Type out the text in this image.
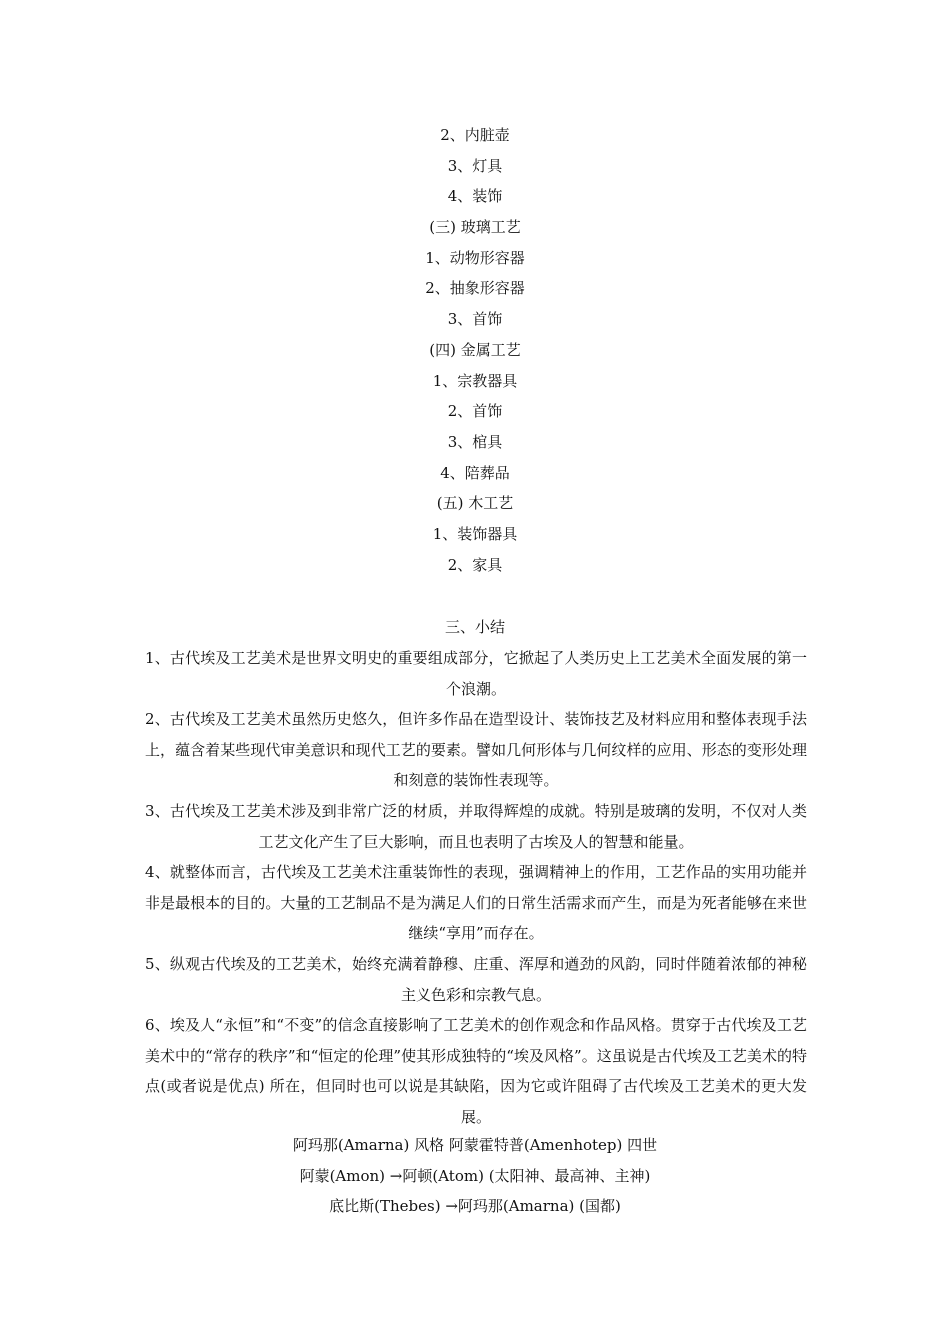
2、内脏壶
3、灯具
4、装饰
(三) 玻璃工艺
1、动物形容器
2、抽象形容器
3、首饰
(四) 金属工艺
1、宗教器具
2、首饰
3、棺具
4、陪葬品
(五) 木工艺
1、装饰器具
2、家具
三、小结

1、古代埃及工艺美术是世界文明史的重要组成部分，它掀起了人类历史上工艺美术全面发展的第一个浪潮。

2、古代埃及工艺美术虽然历史悠久，但许多作品在造型设计、装饰技艺及材料应用和整体表现手法上，蕴含着某些现代审美意识和现代工艺的要素。譬如几何形体与几何纹样的应用、形态的变形处理和刻意的装饰性表现等。

3、古代埃及工艺美术涉及到非常广泛的材质，并取得辉煌的成就。特别是玻璃的发明，不仅对人类工艺文化产生了巨大影响，而且也表明了古埃及人的智慧和能量。

4、就整体而言，古代埃及工艺美术注重装饰性的表现，强调精神上的作用，工艺作品的实用功能并非是最根本的目的。大量的工艺制品不是为满足人们的日常生活需求而产生，而是为死者能够在来世继续“享用”而存在。

5、纵观古代埃及的工艺美术，始终充满着静穆、庄重、浑厚和遒劲的风韵，同时伴随着浓郁的神秘主义色彩和宗教气息。

6、埃及人“永恒”和“不变”的信念直接影响了工艺美术的创作观念和作品风格。贯穿于古代埃及工艺美术中的“常存的秩序”和“恒定的伦理”使其形成独特的“埃及风格”。这虽说是古代埃及工艺美术的特点(或者说是优点) 所在，但同时也可以说是其缺陷，因为它或许阻碍了古代埃及工艺美术的更大发展。

阿玛那(Amarna) 风格 阿蒙霍特普(Amenhotep) 四世
阿蒙(Amon) →阿顿(Atom) (太阳神、最高神、主神)
底比斯(Thebes) →阿玛那(Amarna) (国都)
